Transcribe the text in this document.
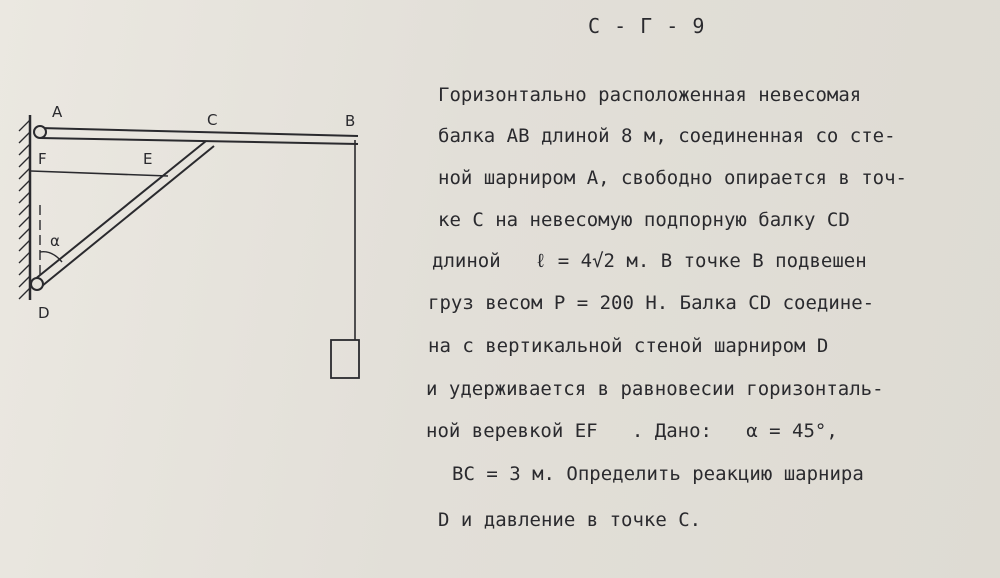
A	C	B
F	E
D
α
С - Г - 9
Горизонтально расположенная невесомая
балка АВ длиной 8 м, соединенная со сте-
ной шарниром А, свободно опирается в точ-
ке С на невесомую подпорную балку СD
длиной   ℓ = 4√2 м. В точке В подвешен
груз весом Р = 200 Н. Балка СD соедине-
на с вертикальной стеной шарниром D
и удерживается в равновесии горизонталь-
ной веревкой ЕF   . Дано:   α = 45°,
ВС = 3 м. Определить реакцию шарнира
D и давление в точке С.
